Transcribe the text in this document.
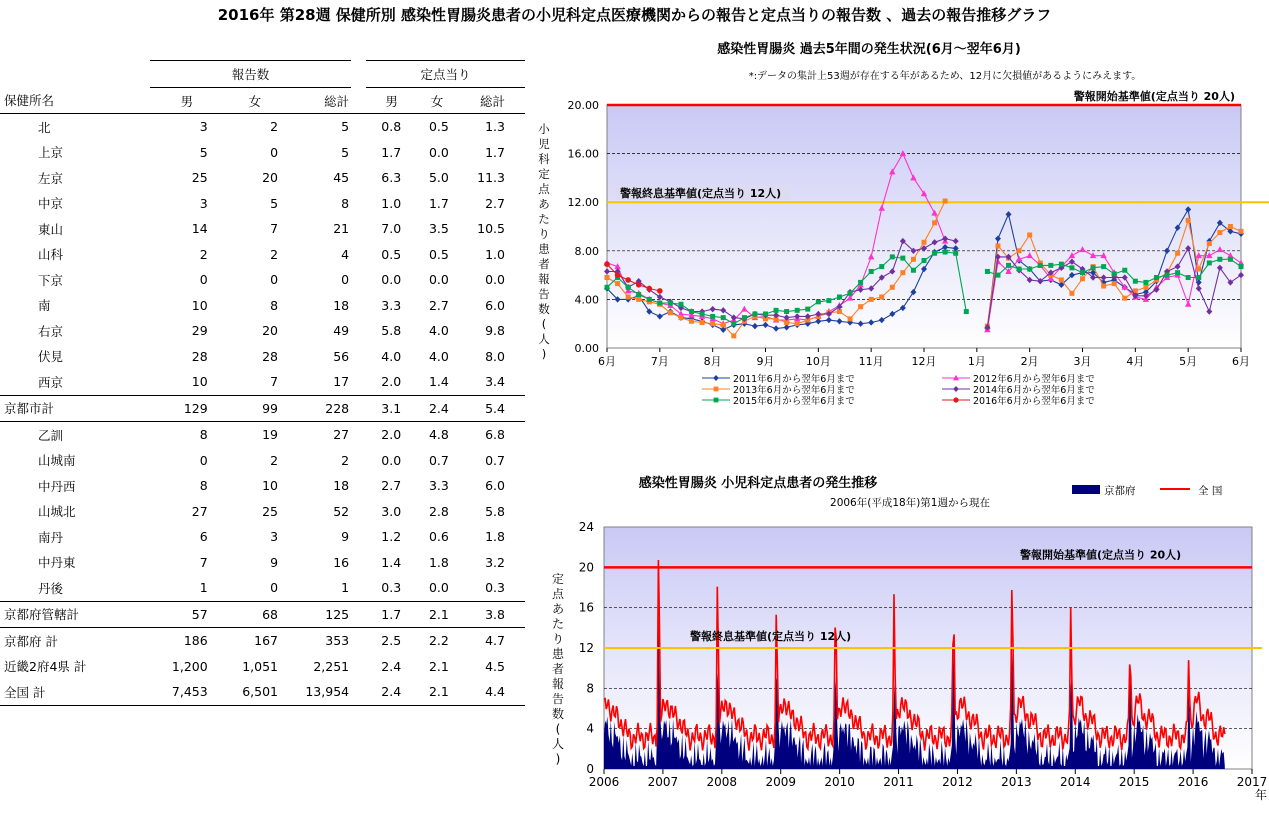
2016年 第28週 保健所別 感染性胃腸炎患者の小児科定点医療機関からの報告と定点当りの報告数 、過去の報告推移グラフ
	報告数				定点当り		
保健所名	男	女	総計		男	女	総計
北	3	2	5		0.8	0.5	1.3
上京	5	0	5		1.7	0.0	1.7
左京	25	20	45		6.3	5.0	11.3
中京	3	5	8		1.0	1.7	2.7
東山	14	7	21		7.0	3.5	10.5
山科	2	2	4		0.5	0.5	1.0
下京	0	0	0		0.0	0.0	0.0
南	10	8	18		3.3	2.7	6.0
右京	29	20	49		5.8	4.0	9.8
伏見	28	28	56		4.0	4.0	8.0
西京	10	7	17		2.0	1.4	3.4
京都市計	129	99	228		3.1	2.4	5.4
乙訓	8	19	27		2.0	4.8	6.8
山城南	0	2	2		0.0	0.7	0.7
中丹西	8	10	18		2.7	3.3	6.0
山城北	27	25	52		3.0	2.8	5.8
南丹	6	3	9		1.2	0.6	1.8
中丹東	7	9	16		1.4	1.8	3.2
丹後	1	0	1		0.3	0.0	0.3
京都府管轄計	57	68	125		1.7	2.1	3.8
京都府 計	186	167	353		2.5	2.2	4.7
近畿2府4県 計	1,200	1,051	2,251		2.4	2.1	4.5
全国 計	7,453	6,501	13,954		2.4	2.1	4.4
感染性胃腸炎 過去5年間の発生状況(6月～翌年6月)
*:データの集計上53週が存在する年があるため、12月に欠損値があるようにみえます。
0.00
4.00
8.00
12.00
16.00
20.00
警報開始基準値(定点当り 20人)
警報終息基準値(定点当り 12人)
6月	7月	8月	9月	10月	11月	12月	1月	2月	3月	4月	5月	6月
小
児
科
定
点
あ
た
り
患
者
報
告
数
(
人
)
2011年6月から翌年6月まで	2012年6月から翌年6月まで
2013年6月から翌年6月まで	2014年6月から翌年6月まで
2015年6月から翌年6月まで	2016年6月から翌年6月まで
感染性胃腸炎 小児科定点患者の発生推移
2006年(平成18年)第1週から現在
京都府	全 国
0
4
8
12
16
20
24
警報開始基準値(定点当り 20人)
警報終息基準値(定点当り 12人)
2006 2007 2008 2009 2010 2011 2012 2013 2014 2015 2016 2017
年
定
点
あ
た
り
患
者
報
告
数
(
人
)
